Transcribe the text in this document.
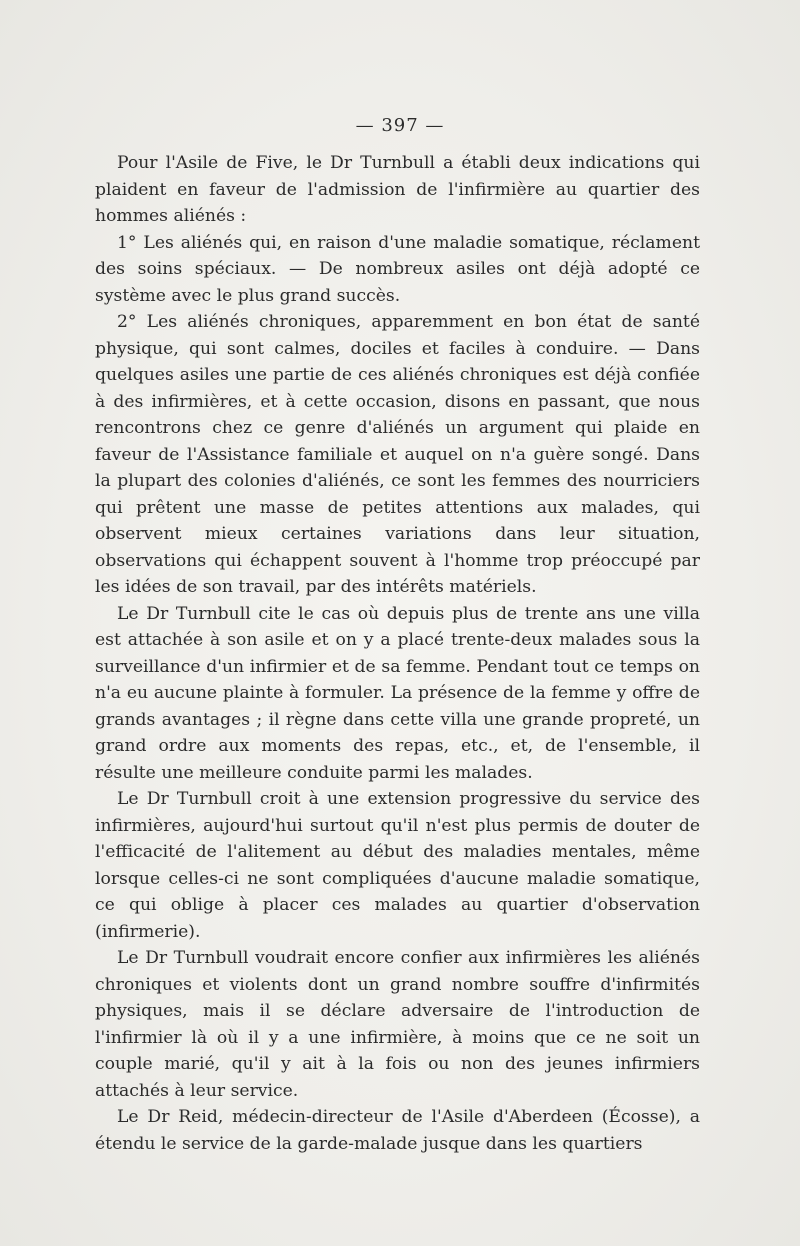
— 397 —

Pour l'Asile de Five, le Dr Turnbull a établi deux indications qui plaident en faveur de l'admission de l'infirmière au quartier des hommes aliénés :

1° Les aliénés qui, en raison d'une maladie somatique, réclament des soins spéciaux. — De nombreux asiles ont déjà adopté ce système avec le plus grand succès.

2° Les aliénés chroniques, apparemment en bon état de santé physique, qui sont calmes, dociles et faciles à conduire. — Dans quelques asiles une partie de ces aliénés chroniques est déjà confiée à des infirmières, et à cette occasion, disons en passant, que nous rencontrons chez ce genre d'aliénés un argument qui plaide en faveur de l'Assistance familiale et auquel on n'a guère songé. Dans la plupart des colonies d'aliénés, ce sont les femmes des nourriciers qui prêtent une masse de petites attentions aux malades, qui observent mieux certaines variations dans leur situation, observations qui échappent souvent à l'homme trop préoccupé par les idées de son travail, par des intérêts matériels.

Le Dr Turnbull cite le cas où depuis plus de trente ans une villa est attachée à son asile et on y a placé trente-deux malades sous la surveillance d'un infirmier et de sa femme. Pendant tout ce temps on n'a eu aucune plainte à formuler. La présence de la femme y offre de grands avantages ; il règne dans cette villa une grande propreté, un grand ordre aux moments des repas, etc., et, de l'ensemble, il résulte une meilleure conduite parmi les malades.

Le Dr Turnbull croit à une extension progressive du service des infirmières, aujourd'hui surtout qu'il n'est plus permis de douter de l'efficacité de l'alitement au début des maladies mentales, même lorsque celles-ci ne sont compliquées d'aucune maladie somatique, ce qui oblige à placer ces malades au quartier d'observation (infirmerie).

Le Dr Turnbull voudrait encore confier aux infirmières les aliénés chroniques et violents dont un grand nombre souffre d'infirmités physiques, mais il se déclare adversaire de l'introduction de l'infirmier là où il y a une infirmière, à moins que ce ne soit un couple marié, qu'il y ait à la fois ou non des jeunes infirmiers attachés à leur service.

Le Dr Reid, médecin-directeur de l'Asile d'Aberdeen (Écosse), a étendu le service de la garde-malade jusque dans les quartiers
